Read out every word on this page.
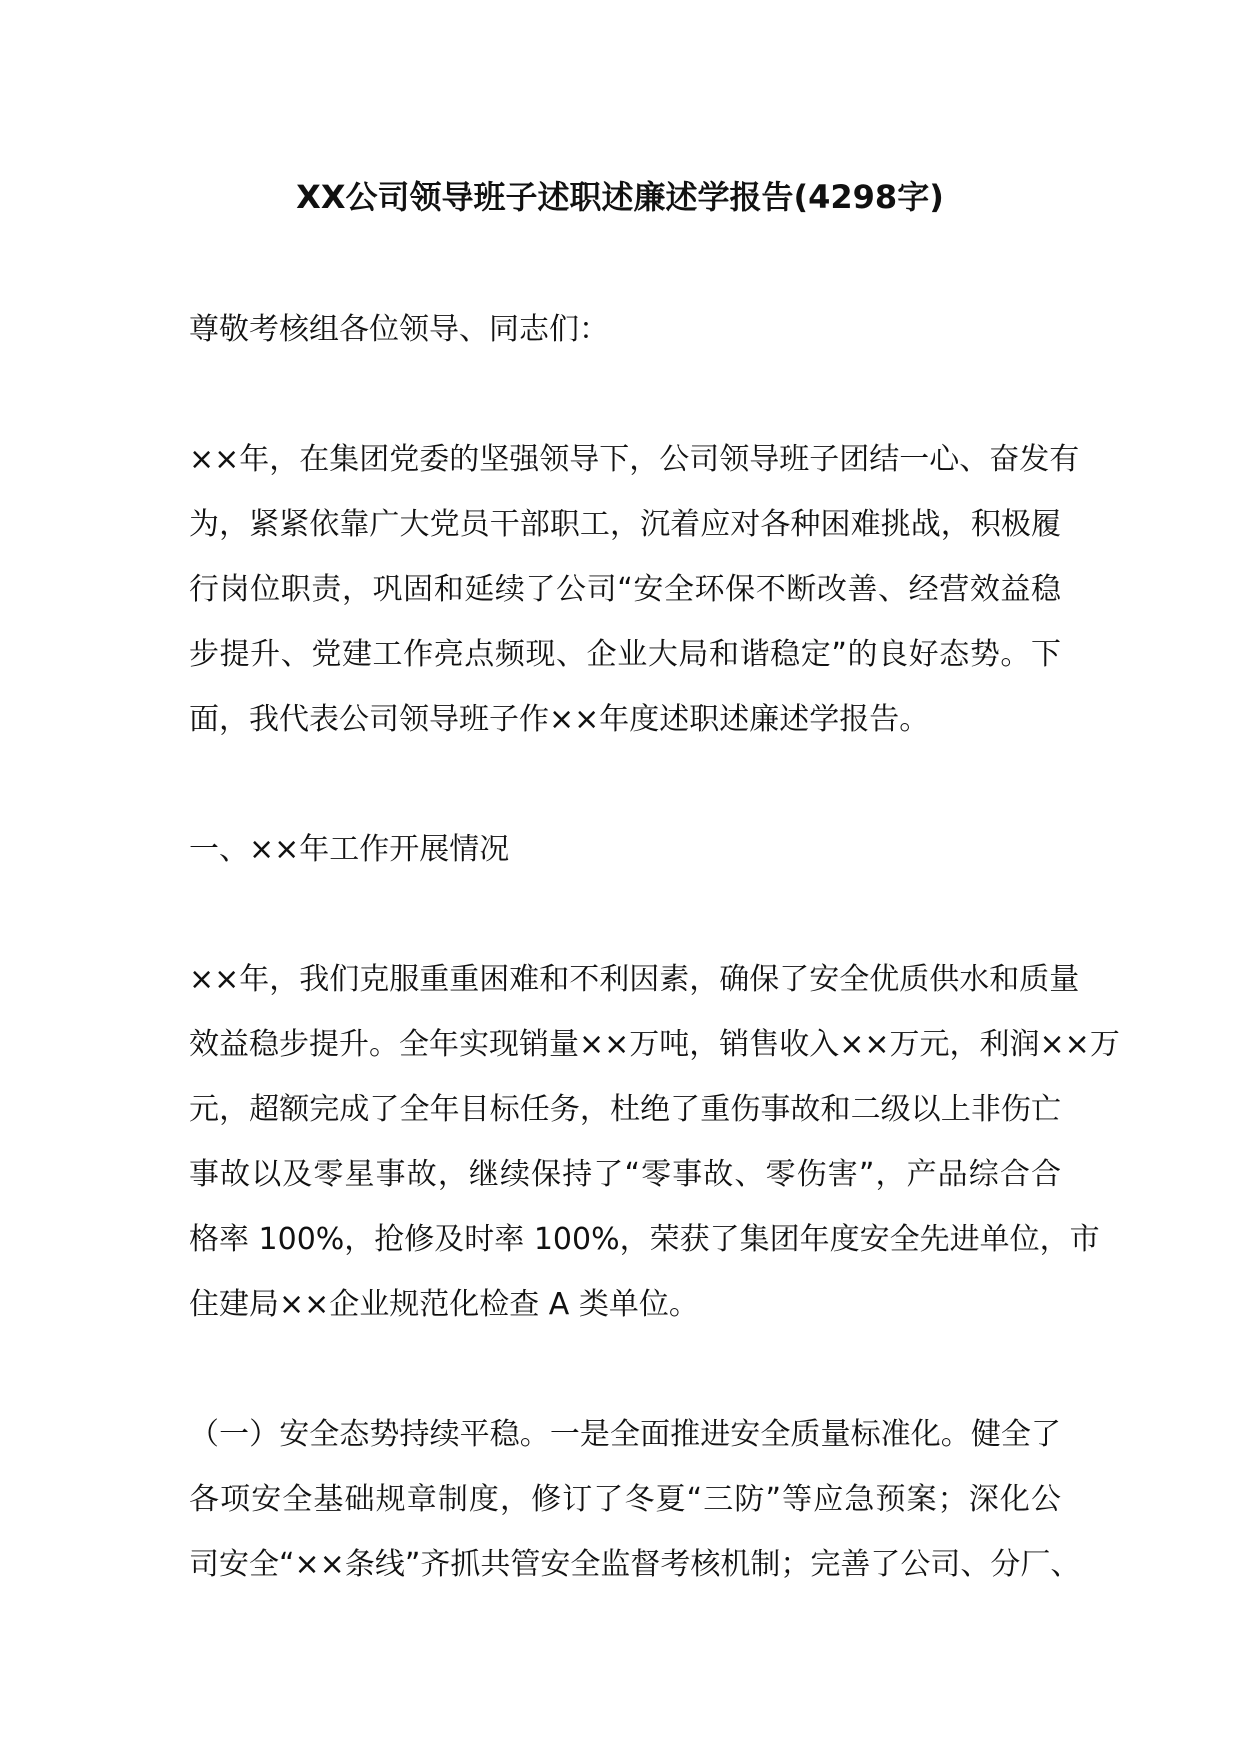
XX公司领导班子述职述廉述学报告(4298字)
尊敬考核组各位领导、同志们：
××年，在集团党委的坚强领导下，公司领导班子团结一心、奋发有
为，紧紧依靠广大党员干部职工，沉着应对各种困难挑战，积极履
行岗位职责，巩固和延续了公司“安全环保不断改善、经营效益稳
步提升、党建工作亮点频现、企业大局和谐稳定”的良好态势。下
面，我代表公司领导班子作××年度述职述廉述学报告。
一、××年工作开展情况
××年，我们克服重重困难和不利因素，确保了安全优质供水和质量
效益稳步提升。全年实现销量××万吨，销售收入××万元，利润××万
元，超额完成了全年目标任务，杜绝了重伤事故和二级以上非伤亡
事故以及零星事故，继续保持了“零事故、零伤害”，产品综合合
格率 100%，抢修及时率 100%，荣获了集团年度安全先进单位，市
住建局××企业规范化检查 A 类单位。
（一）安全态势持续平稳。一是全面推进安全质量标准化。健全了
各项安全基础规章制度，修订了冬夏“三防”等应急预案；深化公
司安全“××条线”齐抓共管安全监督考核机制；完善了公司、分厂、
